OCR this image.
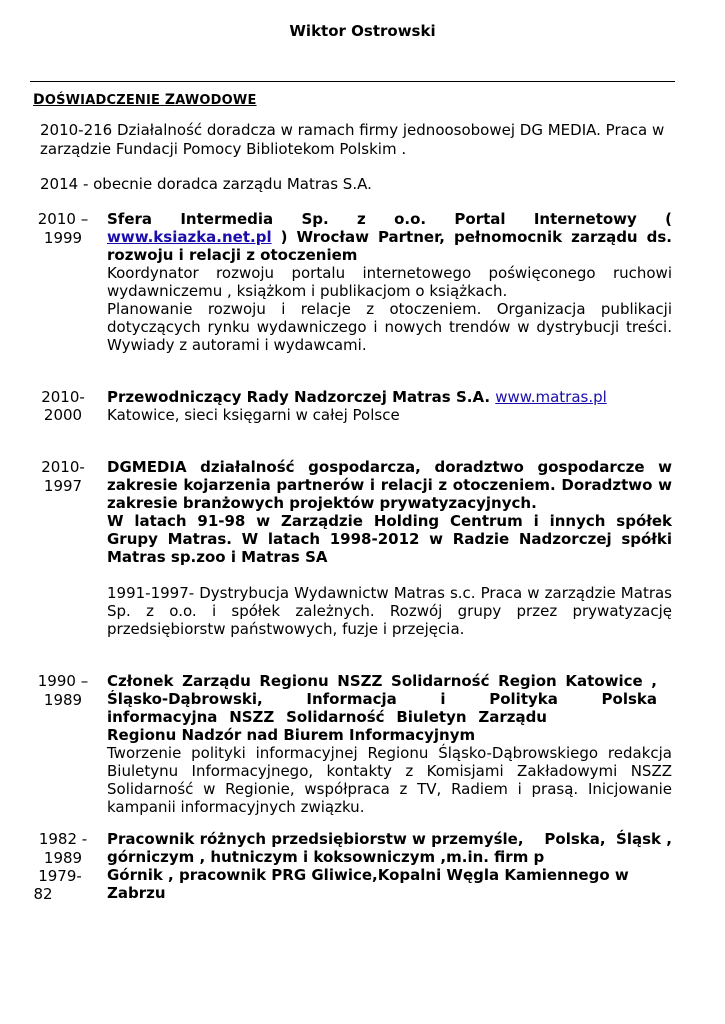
Wiktor Ostrowski
DOŚWIADCZENIE ZAWODOWE
2010-216 Działalność doradcza w ramach firmy jednoosobowej DG MEDIA. Praca w zarządzie Fundacji Pomocy Bibliotekom Polskim .
2014 - obecnie doradca zarządu Matras S.A.
2010 –
1999
Sfera Intermedia Sp. z o.o. Portal Internetowy ( www.ksiazka.net.pl ) Wrocław Partner, pełnomocnik zarządu ds. rozwoju i relacji z otoczeniem
Koordynator rozwoju portalu internetowego poświęconego ruchowi wydawniczemu , książkom i publikacjom o książkach.
Planowanie rozwoju i relacje z otoczeniem. Organizacja publikacji dotyczących rynku wydawniczego i nowych trendów w dystrybucji treści. Wywiady z autorami i wydawcami.
2010-
2000
Przewodniczący Rady Nadzorczej Matras S.A. www.matras.pl
Katowice, sieci księgarni w całej Polsce
2010-
1997
DGMEDIA działalność gospodarcza, doradztwo gospodarcze w zakresie kojarzenia partnerów i relacji z otoczeniem. Doradztwo w zakresie branżowych projektów prywatyzacyjnych.
W latach 91-98 w Zarządzie Holding Centrum i innych spółek Grupy Matras. W latach 1998-2012 w Radzie Nadzorczej spółki Matras sp.zoo i Matras SA
1991-1997- Dystrybucja Wydawnictw Matras s.c. Praca w zarządzie Matras Sp. z o.o. i spółek zależnych. Rozwój grupy przez prywatyzację przedsiębiorstw państwowych, fuzje i przejęcia.
1990 –
1989
Członek Zarządu Regionu NSZZ Solidarność Region Katowice ,
Śląsko-Dąbrowski, Informacja i Polityka Polska
informacyjna NSZZ Solidarność Biuletyn Zarządu
Regionu Nadzór nad Biurem Informacyjnym
Tworzenie polityki informacyjnej Regionu Śląsko-Dąbrowskiego redakcja Biuletynu Informacyjnego, kontakty z Komisjami Zakładowymi NSZZ Solidarność w Regionie, współpraca z TV, Radiem i prasą. Inicjowanie kampanii informacyjnych związku.
1982 -
1989
1979-
82
Pracownik różnych przedsiębiorstw w przemyśle,    Polska,  Śląsk ,
górniczym , hutniczym i koksowniczym ,m.in. firm p
Górnik , pracownik PRG Gliwice,Kopalni Węgla Kamiennego w
Zabrzu
